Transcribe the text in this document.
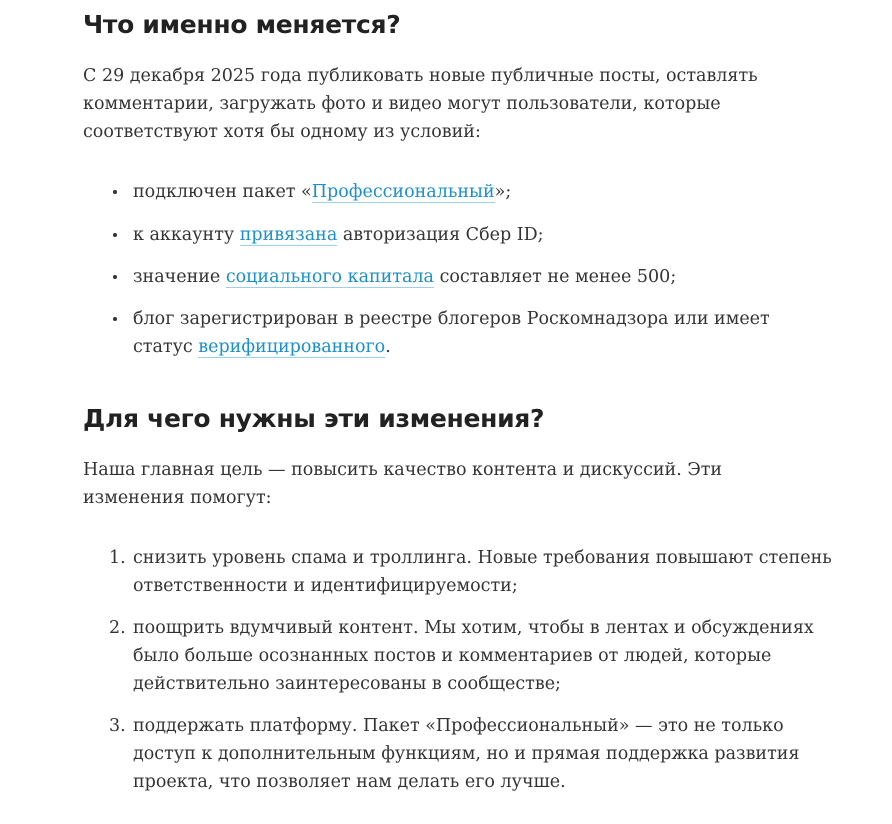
Что именно меняется?

С 29 декабря 2025 года публиковать новые публичные посты, оставлять комментарии, загружать фото и видео могут пользователи, которые соответствуют хотя бы одному из условий:

подключен пакет «Профессиональный»;
к аккаунту привязана авторизация Сбер ID;
значение социального капитала составляет не менее 500;
блог зарегистрирован в реестре блогеров Роскомнадзора или имеет статус верифицированного.
Для чего нужны эти изменения?

Наша главная цель — повысить качество контента и дискуссий. Эти изменения помогут:

1. снизить уровень спама и троллинга. Новые требования повышают степень ответственности и идентифицируемости;
2. поощрить вдумчивый контент. Мы хотим, чтобы в лентах и обсуждениях было больше осознанных постов и комментариев от людей, которые действительно заинтересованы в сообществе;
3. поддержать платформу. Пакет «Профессиональный» — это не только доступ к дополнительным функциям, но и прямая поддержка развития проекта, что позволяет нам делать его лучше.
